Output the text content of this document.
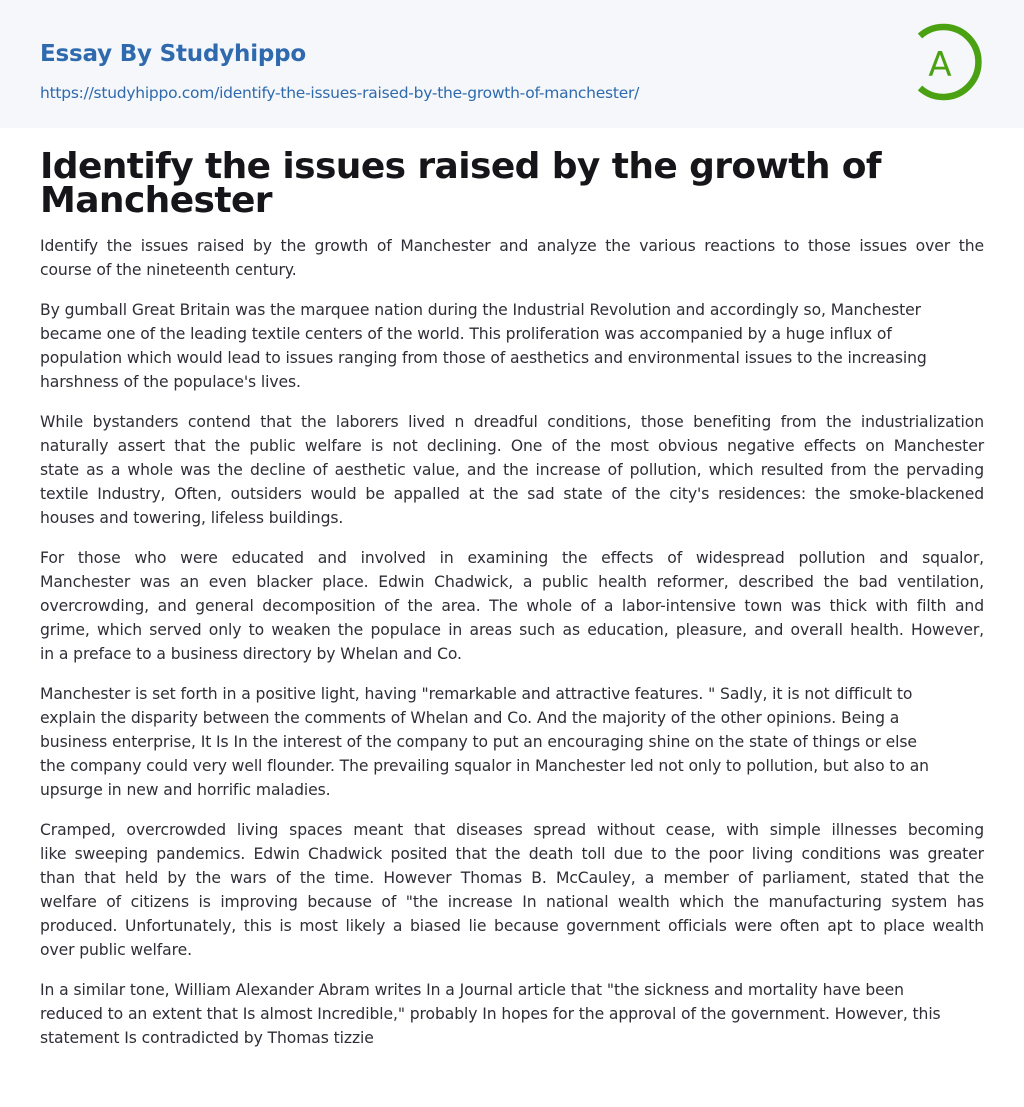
Essay By Studyhippo
https://studyhippo.com/identify-the-issues-raised-by-the-growth-of-manchester/
A
Identify the issues raised by the growth of
Manchester

Identify the issues raised by the growth of Manchester and analyze the various reactions to those issues over the
course of the nineteenth century.

By gumball Great Britain was the marquee nation during the Industrial Revolution and accordingly so, Manchester
became one of the leading textile centers of the world. This proliferation was accompanied by a huge influx of
population which would lead to issues ranging from those of aesthetics and environmental issues to the increasing
harshness of the populace's lives.

While bystanders contend that the laborers lived n dreadful conditions, those benefiting from the industrialization
naturally assert that the public welfare is not declining. One of the most obvious negative effects on Manchester
state as a whole was the decline of aesthetic value, and the increase of pollution, which resulted from the pervading
textile Industry, Often, outsiders would be appalled at the sad state of the city's residences: the smoke-blackened
houses and towering, lifeless buildings.

For those who were educated and involved in examining the effects of widespread pollution and squalor,
Manchester was an even blacker place. Edwin Chadwick, a public health reformer, described the bad ventilation,
overcrowding, and general decomposition of the area. The whole of a labor-intensive town was thick with filth and
grime, which served only to weaken the populace in areas such as education, pleasure, and overall health. However,
in a preface to a business directory by Whelan and Co.

Manchester is set forth in a positive light, having "remarkable and attractive features. " Sadly, it is not difficult to
explain the disparity between the comments of Whelan and Co. And the majority of the other opinions. Being a
business enterprise, It Is In the interest of the company to put an encouraging shine on the state of things or else
the company could very well flounder. The prevailing squalor in Manchester led not only to pollution, but also to an
upsurge in new and horrific maladies.

Cramped, overcrowded living spaces meant that diseases spread without cease, with simple illnesses becoming
like sweeping pandemics. Edwin Chadwick posited that the death toll due to the poor living conditions was greater
than that held by the wars of the time. However Thomas B. McCauley, a member of parliament, stated that the
welfare of citizens is improving because of "the increase In national wealth which the manufacturing system has
produced. Unfortunately, this is most likely a biased lie because government officials were often apt to place wealth
over public welfare.

In a similar tone, William Alexander Abram writes In a Journal article that "the sickness and mortality have been
reduced to an extent that Is almost Incredible," probably In hopes for the approval of the government. However, this
statement Is contradicted by Thomas tizzie
